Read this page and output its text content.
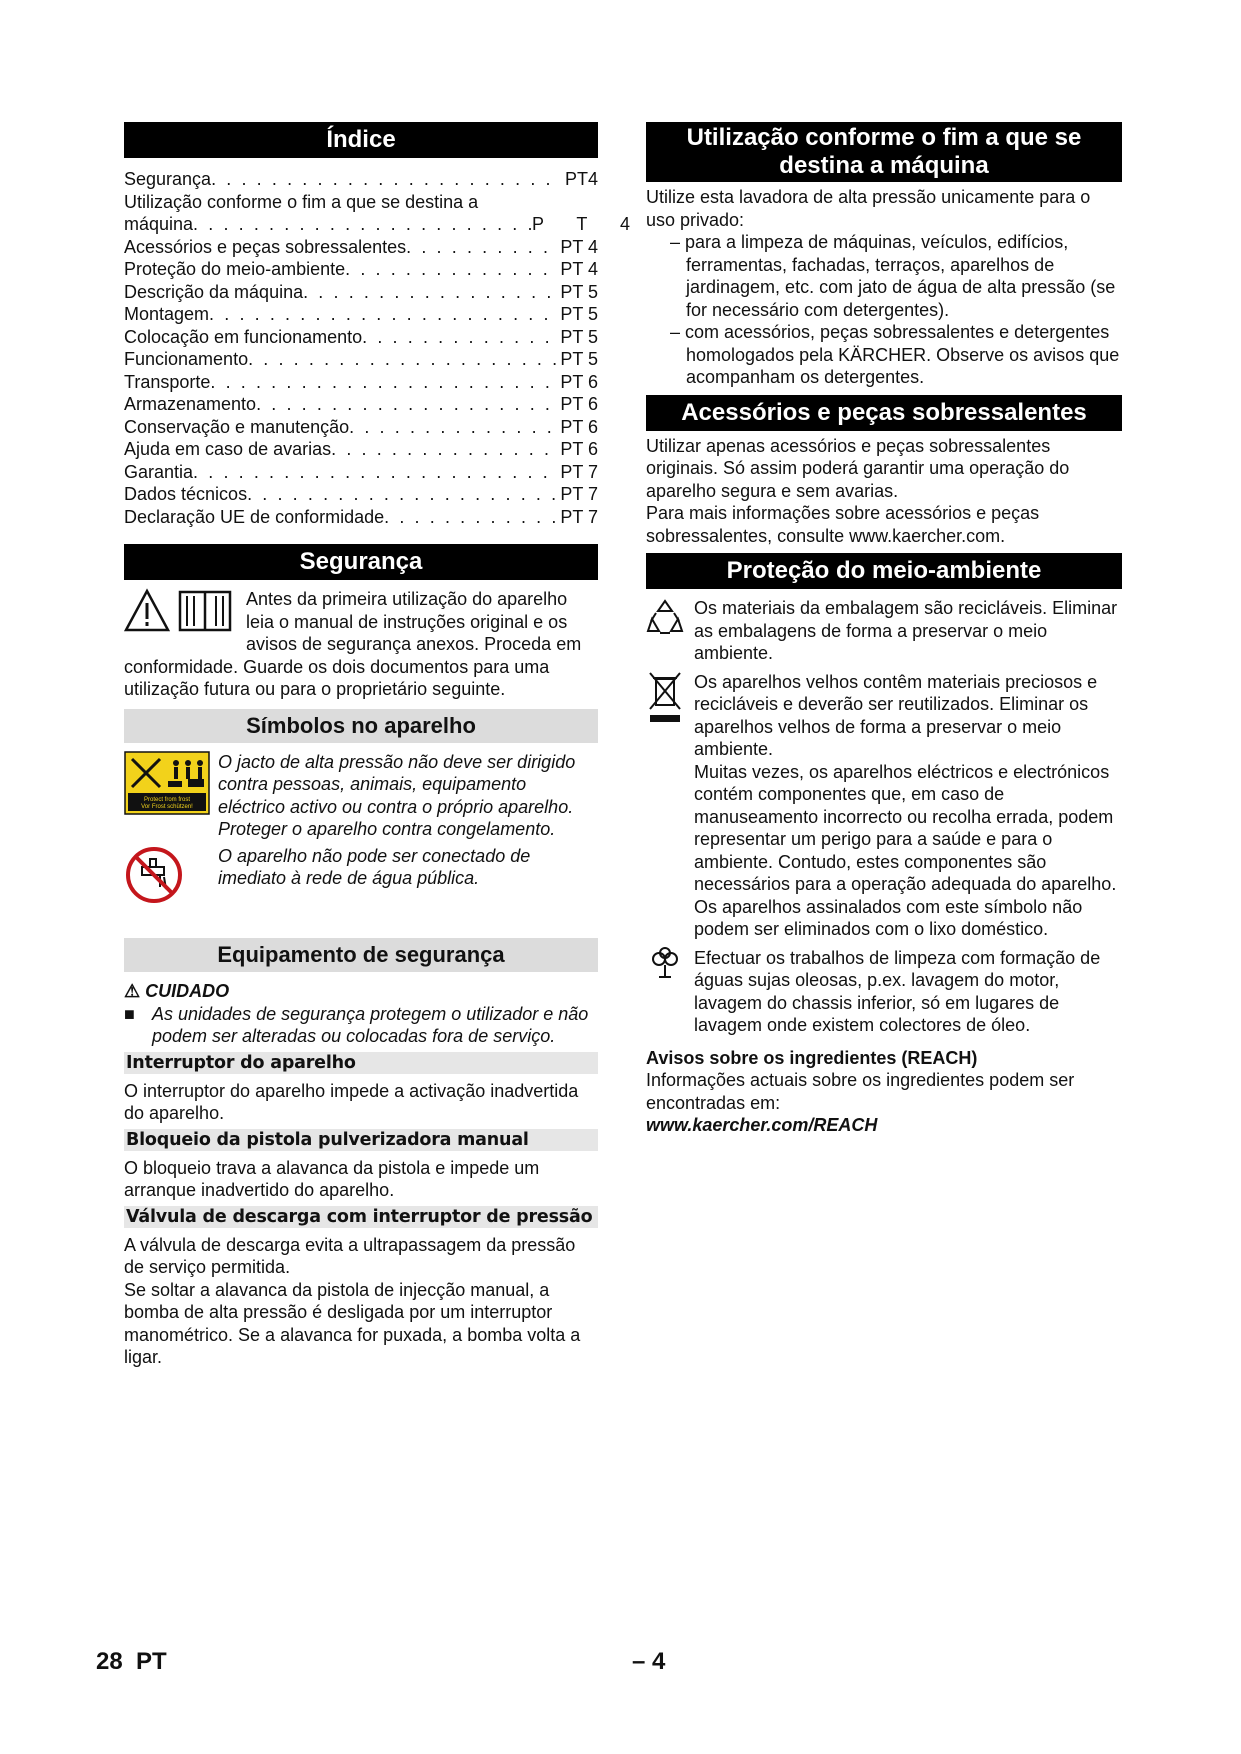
Índice
Segurança . . .	PT4
Utilização conforme o fim a que se destina a
máquina . . .	P T 4
Acessórios e peças sobressalentes . . .	PT 4
Proteção do meio-ambiente . . .	PT 4
Descrição da máquina . . .	PT 5
Montagem . . .	PT 5
Colocação em funcionamento . . .	PT 5
Funcionamento . . .	PT 5
Transporte . . .	PT 6
Armazenamento . . .	PT 6
Conservação e manutenção . . .	PT 6
Ajuda em caso de avarias . . .	PT 6
Garantia . . .	PT 7
Dados técnicos . . .	PT 7
Declaração UE de conformidade . . .	PT 7
Segurança

Antes da primeira utilização do aparelho leia o manual de instruções original e os avisos de segurança anexos. Proceda em conformidade. Guarde os dois documentos para uma utilização futura ou para o proprietário seguinte.

Símbolos no aparelho
Protect from frost
Vor Frost schützen!

O jacto de alta pressão não deve ser dirigido contra pessoas, animais, equipamento eléctrico activo ou contra o próprio aparelho. Proteger o aparelho contra congelamento.

O aparelho não pode ser conectado de imediato à rede de água pública.

Equipamento de segurança
⚠ CUIDADO
■ As unidades de segurança protegem o utilizador e não podem ser alteradas ou colocadas fora de serviço.
Interruptor do aparelho

O interruptor do aparelho impede a activação inadvertida do aparelho.

Bloqueio da pistola pulverizadora manual

O bloqueio trava a alavanca da pistola e impede um arranque inadvertido do aparelho.

Válvula de descarga com interruptor de pressão

A válvula de descarga evita a ultrapassagem da pressão de serviço permitida.

Se soltar a alavanca da pistola de injecção manual, a bomba de alta pressão é desligada por um interruptor manométrico. Se a alavanca for puxada, a bomba volta a ligar.

Utilização conforme o fim a que se destina a máquina

Utilize esta lavadora de alta pressão unicamente para o uso privado:

– para a limpeza de máquinas, veículos, edifícios, ferramentas, fachadas, terraços, aparelhos de jardinagem, etc. com jato de água de alta pressão (se for necessário com detergentes).

– com acessórios, peças sobressalentes e detergentes homologados pela KÄRCHER. Observe os avisos que acompanham os detergentes.

Acessórios e peças sobressalentes

Utilizar apenas acessórios e peças sobressalentes originais. Só assim poderá garantir uma operação do aparelho segura e sem avarias.

Para mais informações sobre acessórios e peças sobressalentes, consulte www.kaercher.com.

Proteção do meio-ambiente

Os materiais da embalagem são recicláveis. Eliminar as embalagens de forma a preservar o meio ambiente.

Os aparelhos velhos contêm materiais preciosos e recicláveis e deverão ser reutilizados. Eliminar os aparelhos velhos de forma a preservar o meio ambiente.

Muitas vezes, os aparelhos eléctricos e electrónicos contém componentes que, em caso de manuseamento incorrecto ou recolha errada, podem representar um perigo para a saúde e para o ambiente. Contudo, estes componentes são necessários para a operação adequada do aparelho. Os aparelhos assinalados com este símbolo não podem ser eliminados com o lixo doméstico.

Efectuar os trabalhos de limpeza com formação de águas sujas oleosas, p.ex. lavagem do motor, lavagem do chassis inferior, só em lugares de lavagem onde existem colectores de óleo.

Avisos sobre os ingredientes (REACH)

Informações actuais sobre os ingredientes podem ser encontradas em:

www.kaercher.com/REACH

28  PT	– 4
